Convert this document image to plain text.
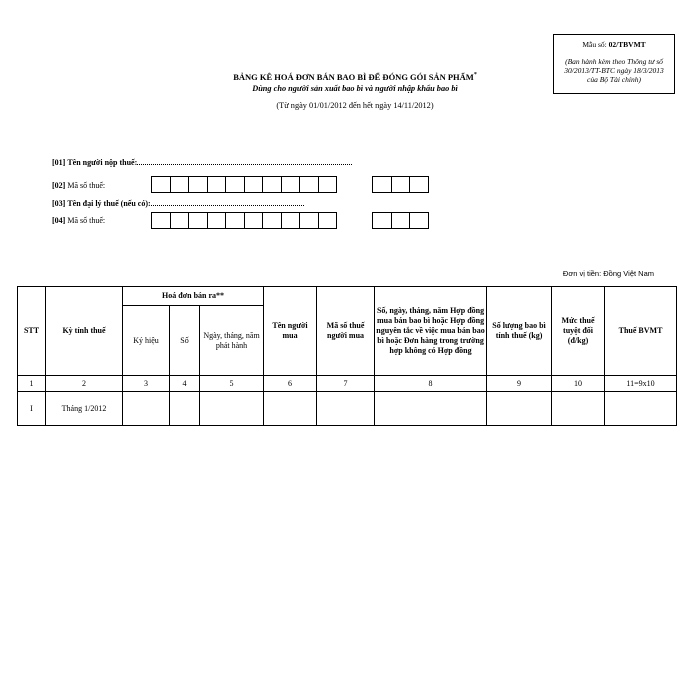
Mẫu số: 02/TBVMT
(Ban hành kèm theo Thông tư số 30/2013/TT-BTC ngày 18/3/2013 của Bộ Tài chính)
BẢNG KÊ HOÁ ĐƠN BÁN BAO BÌ ĐỂ ĐÓNG GÓI SẢN PHẨM*
Dùng cho người sản xuất bao bì và người nhập khẩu bao bì
(Từ ngày 01/01/2012 đến hết ngày 14/11/2012)
[01] Tên người nộp thuế:
[02] Mã số thuế:
[03] Tên đại lý thuế (nếu có):
[04] Mã số thuế:
Đơn vị tiền: Đồng Việt Nam
STT	Kỳ tính thuế	Hoá đơn bán ra**			Tên người mua	Mã số thuế người mua	Số, ngày, tháng, năm Hợp đồng mua bán bao bì hoặc Hợp đồng nguyên tắc về việc mua bán bao bì hoặc Đơn hàng trong trường hợp không có Hợp đồng	Số lượng bao bì tính thuế (kg)	Mức thuế tuyệt đối (đ/kg)	Thuế BVMT
		Ký hiệu	Số	Ngày, tháng, năm phát hành						
1	2	3	4	5	6	7	8	9	10	11=9x10
I	Tháng 1/2012									
